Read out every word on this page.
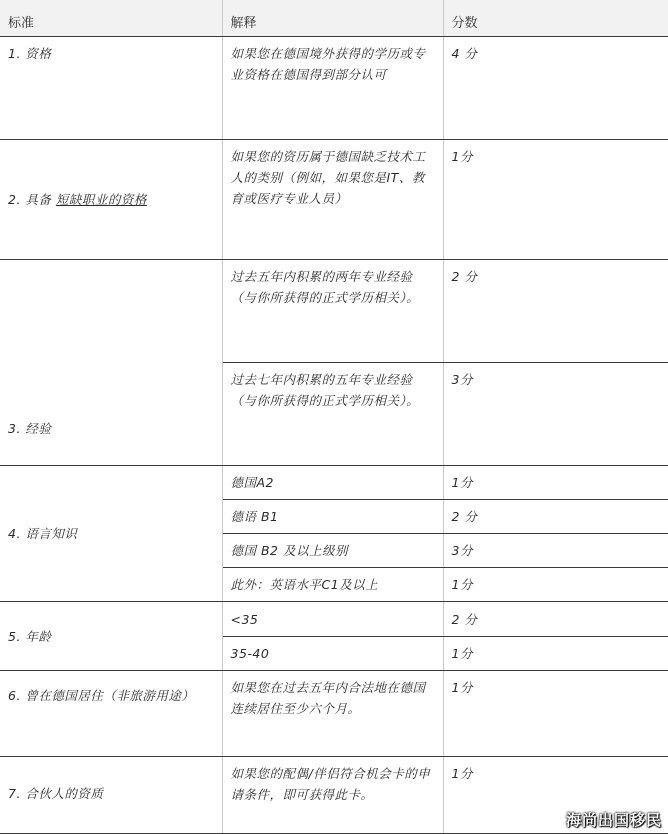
标准	解释	分数
1. 资格	如果您在德国境外获得的学历或专业资格在德国得到部分认可	4 分
2. 具备 短缺职业的资格	如果您的资历属于德国缺乏技术工人的类别（例如，如果您是IT、教育或医疗专业人员）	1分
3. 经验	过去五年内积累的两年专业经验（与你所获得的正式学历相关）。	2 分
	过去七年内积累的五年专业经验（与你所获得的正式学历相关）。	3分
4. 语言知识	德国A2	1分
	德语 B1	2 分
	德国 B2 及以上级别	3分
	此外：英语水平C1及以上	1分
5. 年龄	<35	2 分
	35-40	1分
6. 曾在德国居住（非旅游用途）	如果您在过去五年内合法地在德国连续居住至少六个月。	1分
7. 合伙人的资质	如果您的配偶/伴侣符合机会卡的申请条件，即可获得此卡。	1分
海尚出国移民
